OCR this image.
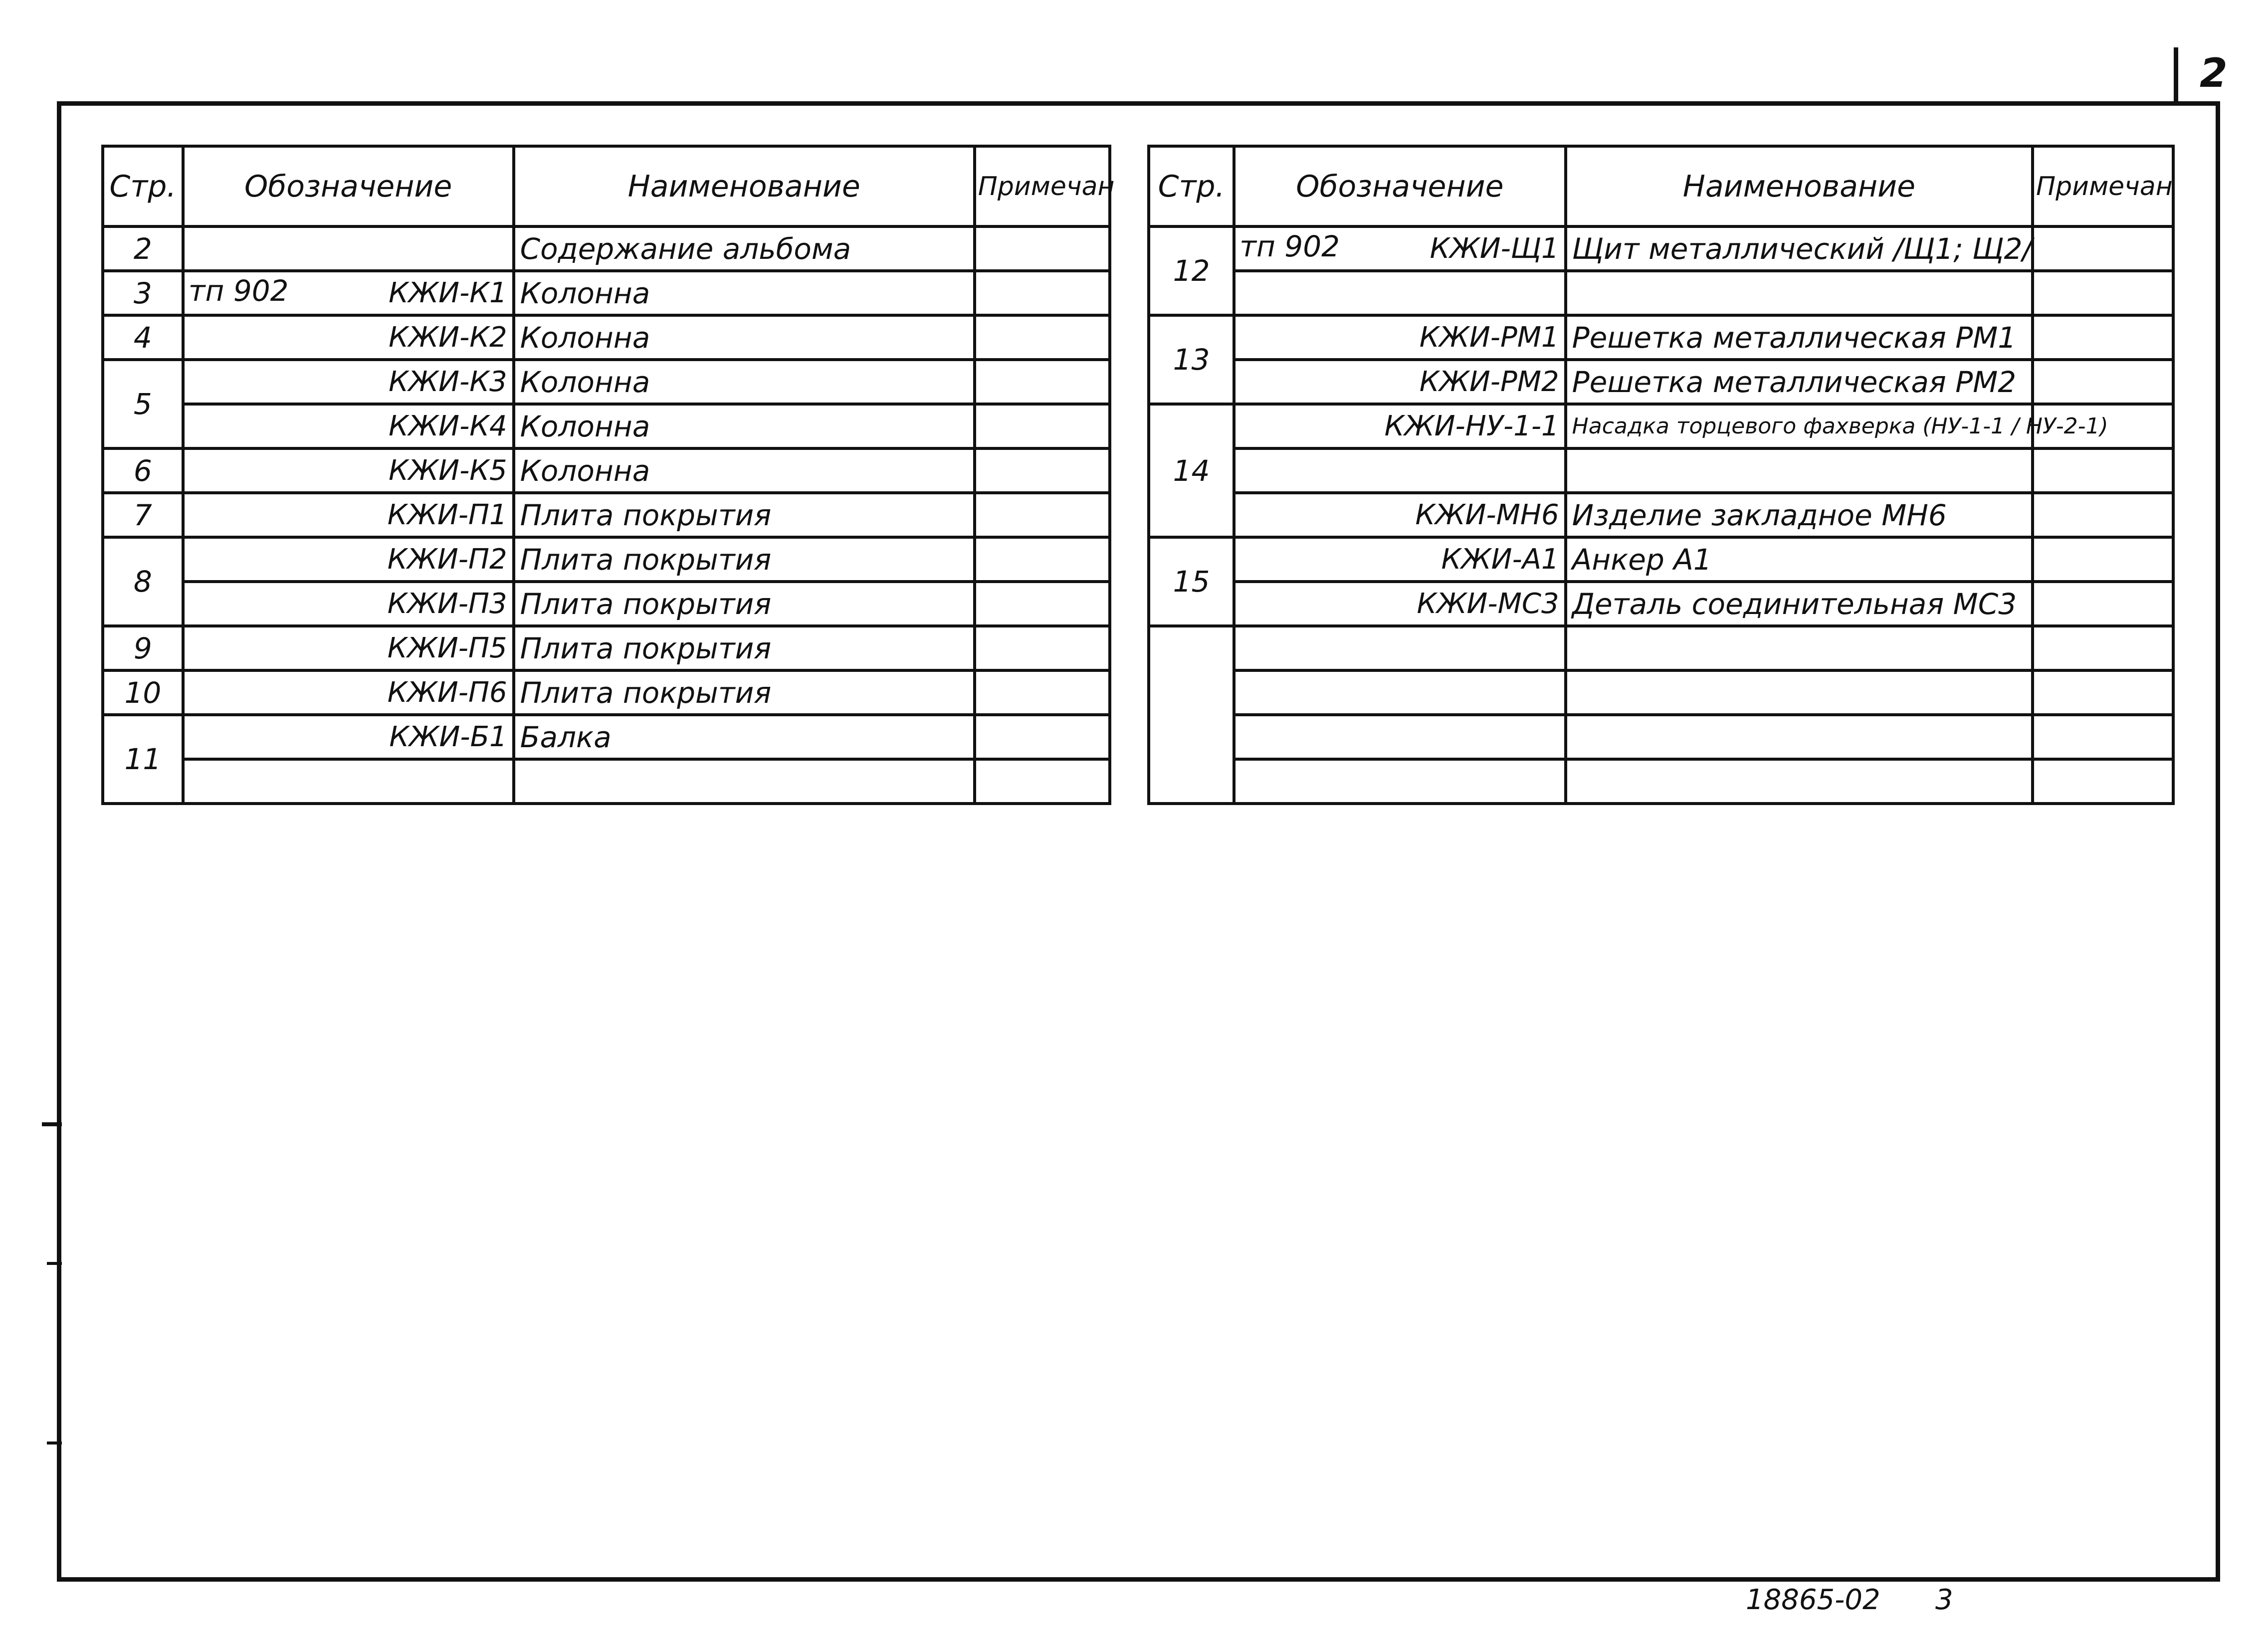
2
Стр.	Обозначение	Наименование	Примечан
2		Содержание альбома	
3	тп 902 КЖИ-К1	Колонна	
4	КЖИ-К2	Колонна	
5	КЖИ-К3	Колонна	

	КЖИ-К4	Колонна	
6	КЖИ-К5	Колонна	
7	КЖИ-П1	Плита покрытия	
8	КЖИ-П2	Плита покрытия	

	КЖИ-П3	Плита покрытия	
9	КЖИ-П5	Плита покрытия	
10	КЖИ-П6	Плита покрытия	
11	КЖИ-Б1	Балка	

Стр.	Обозначение	Наименование	Примечан
12	тп 902 КЖИ-Щ1	Щит металлический /Щ1; Щ2/	

13	КЖИ-РМ1	Решетка металлическая РМ1	

	КЖИ-РМ2	Решетка металлическая РМ2	
14	КЖИ-НУ-1-1	Насадка торцевого фахверка (НУ-1-1 / НУ-2-1)	

	КЖИ-МН6	Изделие закладное МН6	
15	КЖИ-А1	Анкер А1	

	КЖИ-МС3	Деталь соединительная МС3	

18865-02 3
